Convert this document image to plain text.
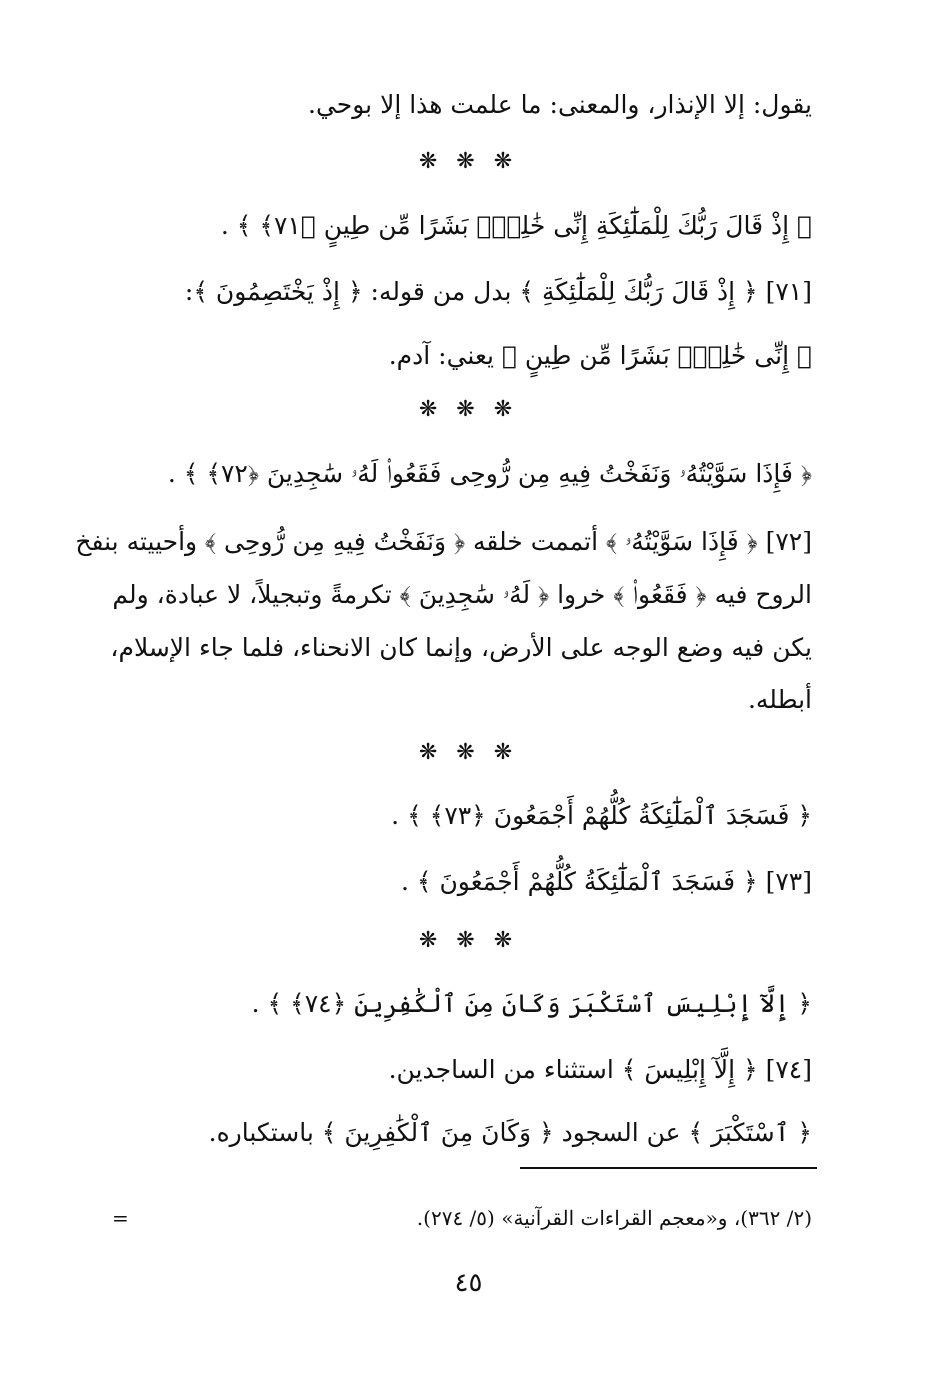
يقول: إلا الإنذار، والمعنى: ما علمت هذا إلا بوحي.
❋ ❋ ❋
﴿ إِذْ قَالَ رَبُّكَ لِلْمَلَٰٓئِكَةِ إِنِّى خَٰلِقٌۢ بَشَرًا مِّن طِينٍ ﴿٧١﴾ ﴾ .
[٧١] ﴿ إِذْ قَالَ رَبُّكَ لِلْمَلَٰٓئِكَةِ ﴾ بدل من قوله: ﴿ إِذْ يَخْتَصِمُونَ ﴾:
﴿ إِنِّى خَٰلِقٌۢ بَشَرًا مِّن طِينٍ ﴾ يعني: آدم.
❋ ❋ ❋
﴿ فَإِذَا سَوَّيْتُهُۥ وَنَفَخْتُ فِيهِ مِن رُّوحِى فَقَعُوا۟ لَهُۥ سَٰجِدِينَ ﴿٧٢﴾ ﴾ .
[٧٢] ﴿ فَإِذَا سَوَّيْتُهُۥ ﴾ أتممت خلقه ﴿ وَنَفَخْتُ فِيهِ مِن رُّوحِى ﴾ وأحييته بنفخ
الروح فيه ﴿ فَقَعُوا۟ ﴾ خروا ﴿ لَهُۥ سَٰجِدِينَ ﴾ تكرمةً وتبجيلاً، لا عبادة، ولم
يكن فيه وضع الوجه على الأرض، وإنما كان الانحناء، فلما جاء الإسلام،
أبطله.
❋ ❋ ❋
﴿ فَسَجَدَ ٱلْمَلَٰٓئِكَةُ كُلُّهُمْ أَجْمَعُونَ ﴿٧٣﴾ ﴾ .
[٧٣] ﴿ فَسَجَدَ ٱلْمَلَٰٓئِكَةُ كُلُّهُمْ أَجْمَعُونَ ﴾ .
❋ ❋ ❋
﴿ إِلَّآ إِبْلِيسَ ٱسْتَكْبَرَ وَكَانَ مِنَ ٱلْكَٰفِرِينَ ﴿٧٤﴾ ﴾ .
[٧٤] ﴿ إِلَّآ إِبْلِيسَ ﴾ استثناء من الساجدين.
﴿ ٱسْتَكْبَرَ ﴾ عن السجود ﴿ وَكَانَ مِنَ ٱلْكَٰفِرِينَ ﴾ باستكباره.
=	(٢/ ٣٦٢)، و«معجم القراءات القرآنية» (٥/ ٢٧٤).
٤٥
